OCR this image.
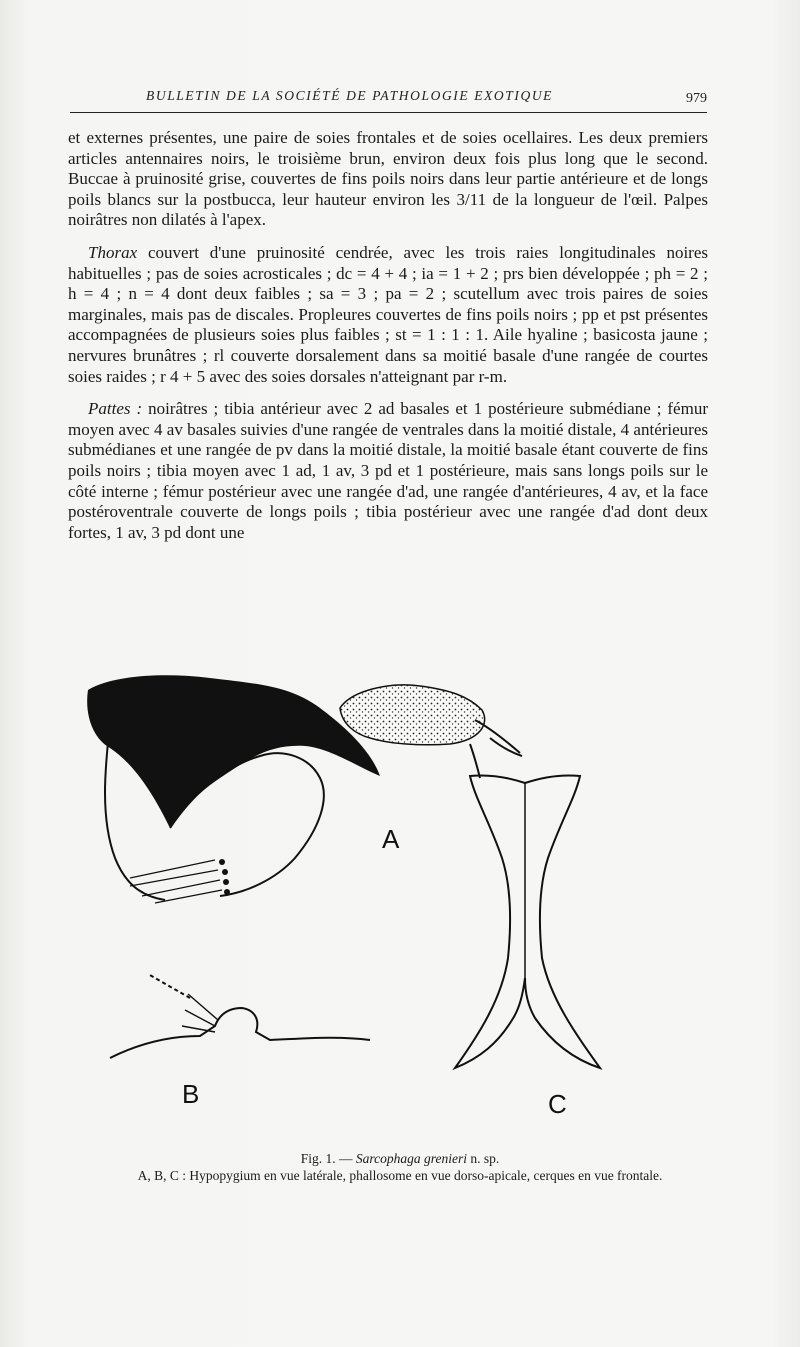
BULLETIN DE LA SOCIÉTÉ DE PATHOLOGIE EXOTIQUE	979

et externes présentes, une paire de soies frontales et de soies ocellaires. Les deux premiers articles antennaires noirs, le troisième brun, environ deux fois plus long que le second. Buccae à pruinosité grise, couvertes de fins poils noirs dans leur partie antérieure et de longs poils blancs sur la postbucca, leur hauteur environ les 3/11 de la longueur de l'œil. Palpes noirâtres non dilatés à l'apex.

Thorax couvert d'une pruinosité cendrée, avec les trois raies longitudinales noires habituelles ; pas de soies acrosticales ; dc = 4 + 4 ; ia = 1 + 2 ; prs bien développée ; ph = 2 ; h = 4 ; n = 4 dont deux faibles ; sa = 3 ; pa = 2 ; scutellum avec trois paires de soies marginales, mais pas de discales. Propleures couvertes de fins poils noirs ; pp et pst présentes accompagnées de plusieurs soies plus faibles ; st = 1 : 1 : 1. Aile hyaline ; basicosta jaune ; nervures brunâtres ; rl couverte dorsalement dans sa moitié basale d'une rangée de courtes soies raides ; r 4 + 5 avec des soies dorsales n'atteignant par r-m.

Pattes : noirâtres ; tibia antérieur avec 2 ad basales et 1 postérieure submédiane ; fémur moyen avec 4 av basales suivies d'une rangée de ventrales dans la moitié distale, 4 antérieures submédianes et une rangée de pv dans la moitié distale, la moitié basale étant couverte de fins poils noirs ; tibia moyen avec 1 ad, 1 av, 3 pd et 1 postérieure, mais sans longs poils sur le côté interne ; fémur postérieur avec une rangée d'ad, une rangée d'antérieures, 4 av, et la face postéroventrale couverte de longs poils ; tibia postérieur avec une rangée d'ad dont deux fortes, 1 av, 3 pd dont une

A
B	C
Fig. 1. — Sarcophaga grenieri n. sp.
A, B, C : Hypopygium en vue latérale, phallosome en vue dorso-apicale, cerques en vue frontale.
